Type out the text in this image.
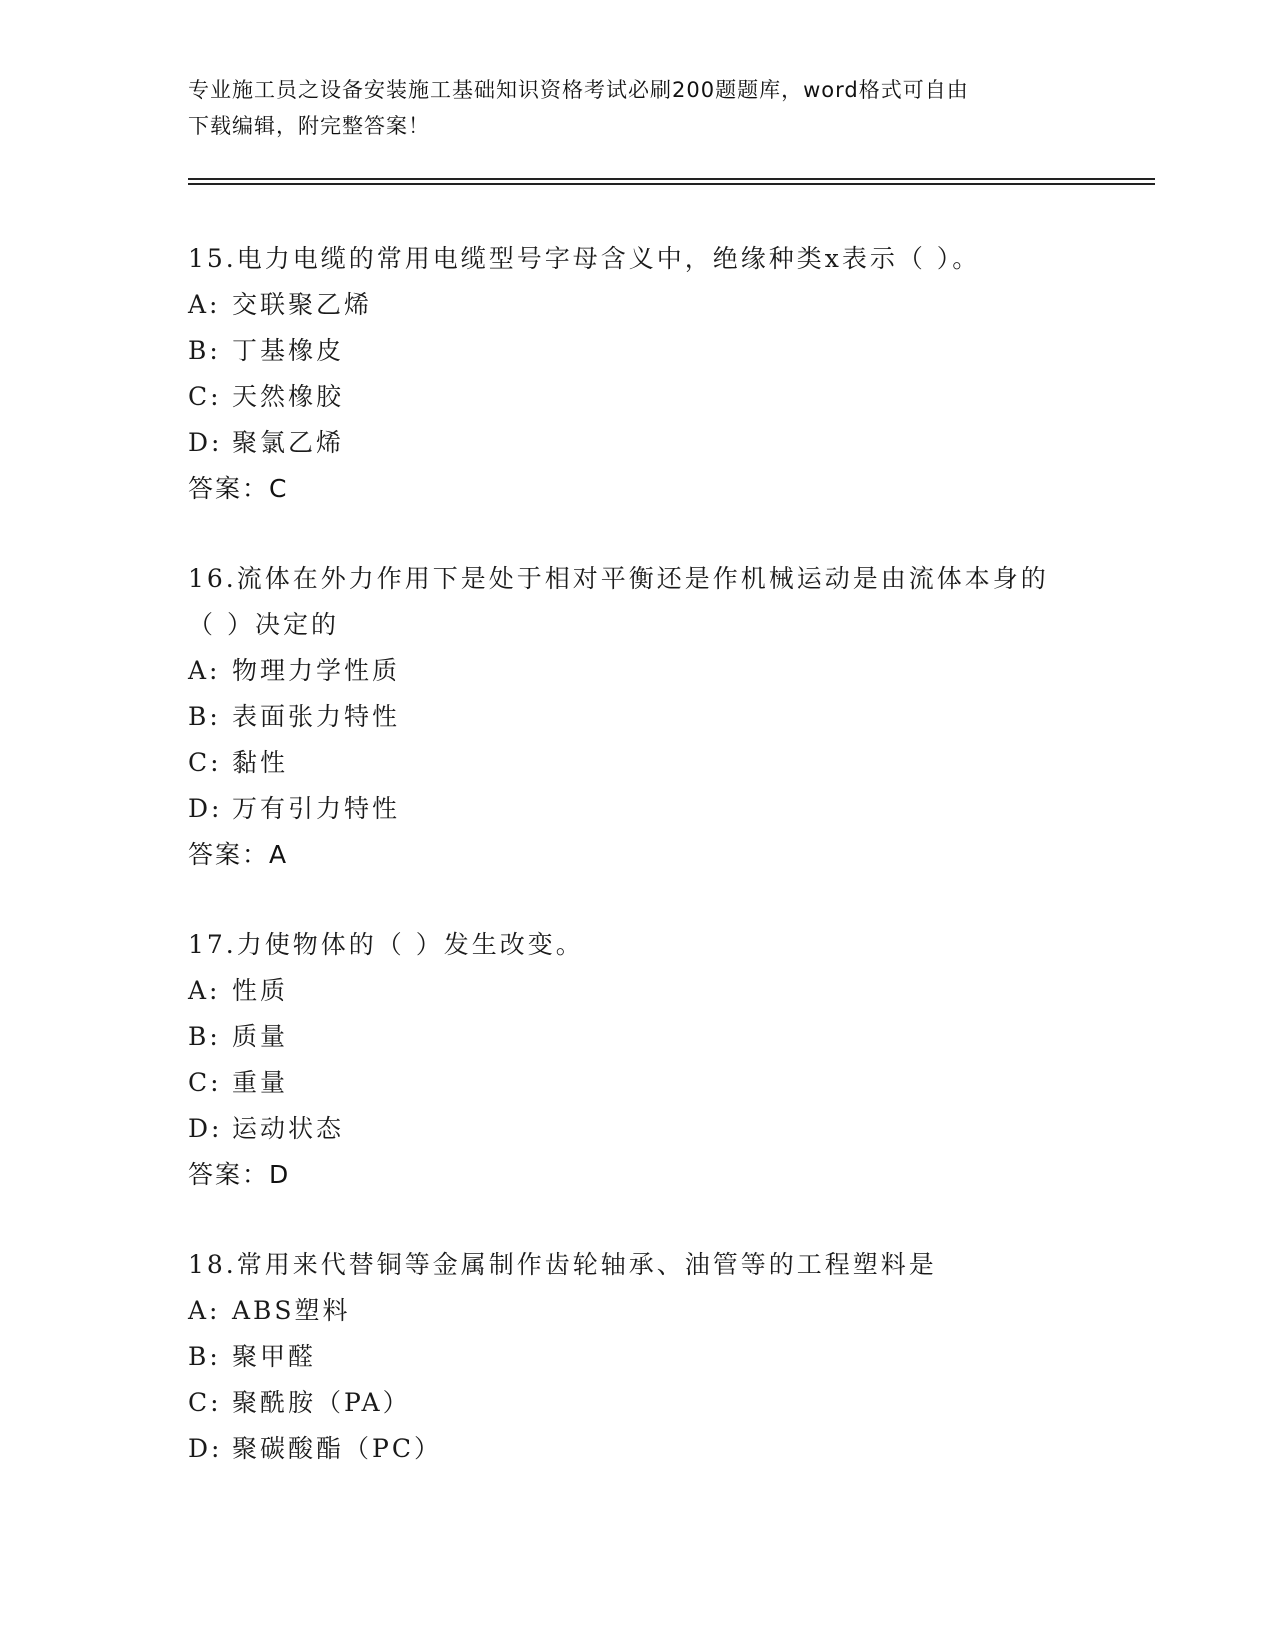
专业施工员之设备安装施工基础知识资格考试必刷200题题库，word格式可自由
下载编辑，附完整答案！
15.电力电缆的常用电缆型号字母含义中，绝缘种类x表示（ ）。
A: 交联聚乙烯
B: 丁基橡皮
C: 天然橡胶
D: 聚氯乙烯
答案：C
16.流体在外力作用下是处于相对平衡还是作机械运动是由流体本身的
（ ）决定的
A: 物理力学性质
B: 表面张力特性
C: 黏性
D: 万有引力特性
答案：A
17.力使物体的（ ）发生改变。
A: 性质
B: 质量
C: 重量
D: 运动状态
答案：D
18.常用来代替铜等金属制作齿轮轴承、油管等的工程塑料是
A: ABS塑料
B: 聚甲醛
C: 聚酰胺（PA）
D: 聚碳酸酯（PC）
